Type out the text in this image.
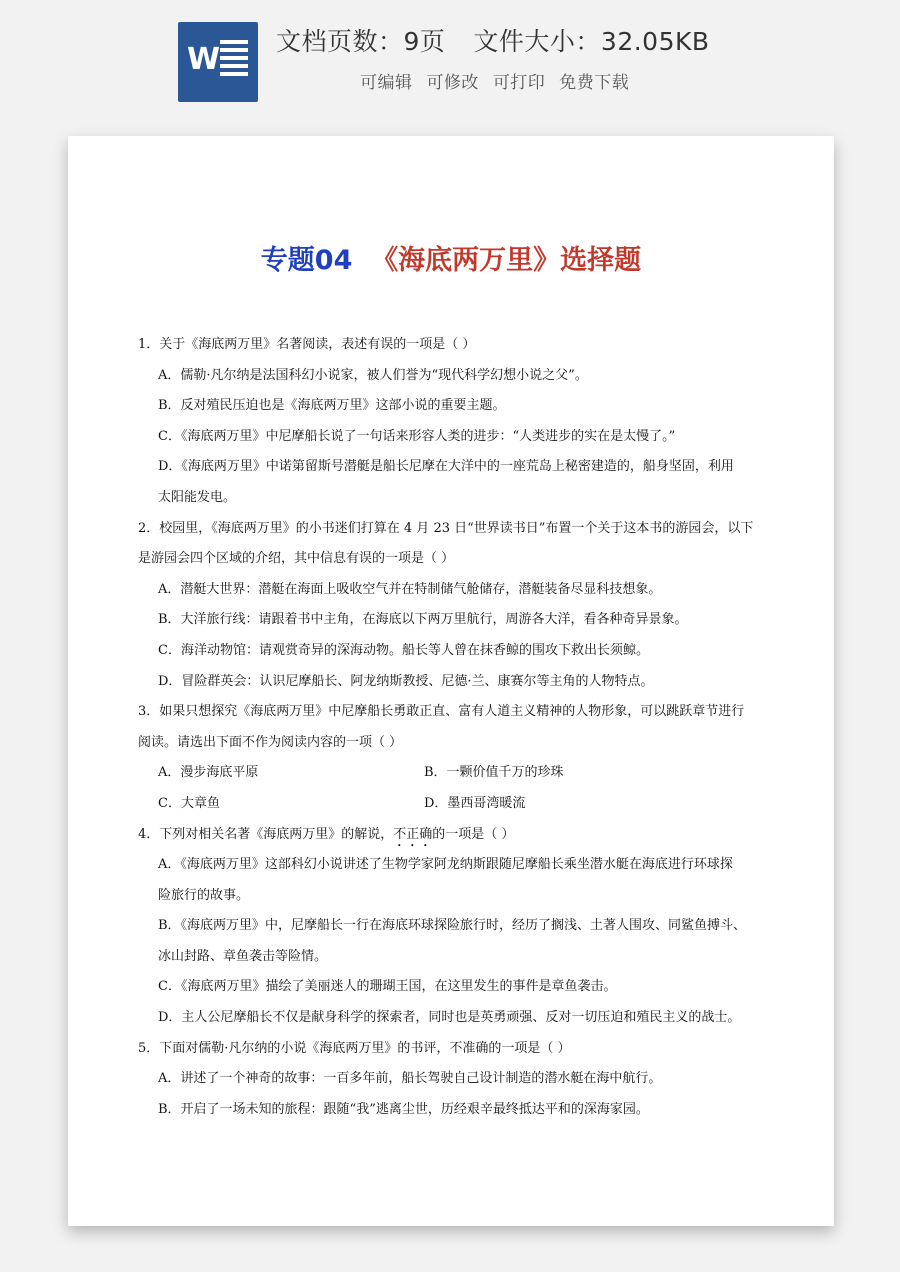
W
文档页数：9页 文件大小：32.05KB
可编辑 可修改 可打印 免费下载
专题04 《海底两万里》选择题
1．关于《海底两万里》名著阅读，表述有误的一项是（ ）
A．儒勒·凡尔纳是法国科幻小说家，被人们誉为“现代科学幻想小说之父”。
B．反对殖民压迫也是《海底两万里》这部小说的重要主题。
C．《海底两万里》中尼摩船长说了一句话来形容人类的进步：“人类进步的实在是太慢了。”
D．《海底两万里》中诺第留斯号潜艇是船长尼摩在大洋中的一座荒岛上秘密建造的，船身坚固，利用
太阳能发电。
2．校园里，《海底两万里》的小书迷们打算在 4 月 23 日“世界读书日”布置一个关于这本书的游园会，以下
是游园会四个区域的介绍，其中信息有误的一项是（ ）
A．潜艇大世界：潜艇在海面上吸收空气并在特制储气舱储存，潜艇装备尽显科技想象。
B．大洋旅行线：请跟着书中主角，在海底以下两万里航行，周游各大洋，看各种奇异景象。
C．海洋动物馆：请观赏奇异的深海动物。船长等人曾在抹香鲸的围攻下救出长须鲸。
D．冒险群英会：认识尼摩船长、阿龙纳斯教授、尼德·兰、康赛尔等主角的人物特点。
3．如果只想探究《海底两万里》中尼摩船长勇敢正直、富有人道主义精神的人物形象，可以跳跃章节进行
阅读。请选出下面不作为阅读内容的一项（ ）
A．漫步海底平原	B．一颗价值千万的珍珠
C．大章鱼	D．墨西哥湾暖流
4．下列对相关名著《海底两万里》的解说，不正确的一项是（ ）
A．《海底两万里》这部科幻小说讲述了生物学家阿龙纳斯跟随尼摩船长乘坐潜水艇在海底进行环球探
险旅行的故事。
B．《海底两万里》中，尼摩船长一行在海底环球探险旅行时，经历了搁浅、土著人围攻、同鲨鱼搏斗、
冰山封路、章鱼袭击等险情。
C．《海底两万里》描绘了美丽迷人的珊瑚王国，在这里发生的事件是章鱼袭击。
D．主人公尼摩船长不仅是献身科学的探索者，同时也是英勇顽强、反对一切压迫和殖民主义的战士。
5．下面对儒勒·凡尔纳的小说《海底两万里》的书评，不准确的一项是（ ）
A．讲述了一个神奇的故事：一百多年前，船长驾驶自己设计制造的潜水艇在海中航行。
B．开启了一场未知的旅程：跟随“我”逃离尘世，历经艰辛最终抵达平和的深海家园。
